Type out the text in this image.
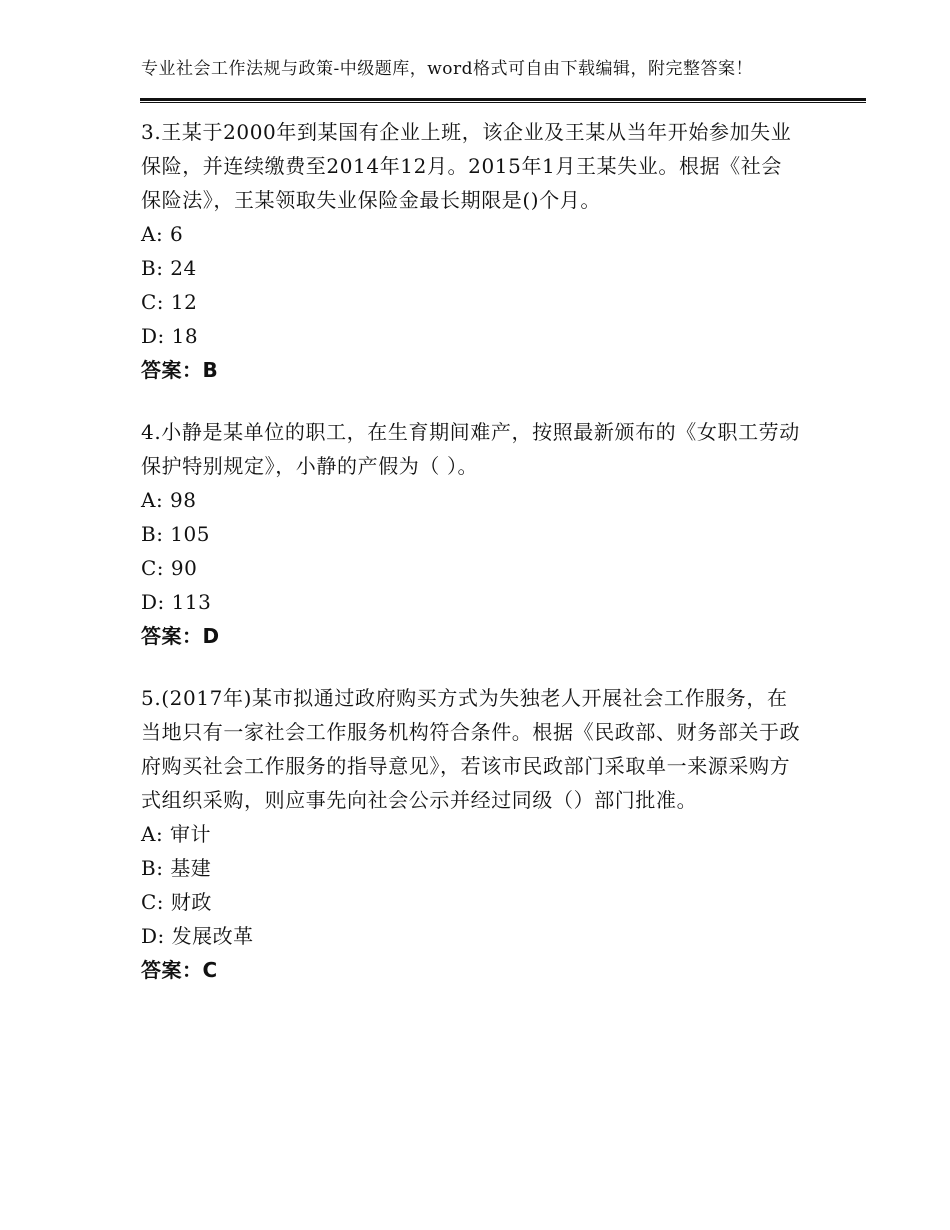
专业社会工作法规与政策-中级题库，word格式可自由下载编辑，附完整答案！

3.王某于2000年到某国有企业上班，该企业及王某从当年开始参加失业保险，并连续缴费至2014年12月。2015年1月王某失业。根据《社会保险法》，王某领取失业保险金最长期限是()个月。

A: 6

B: 24

C: 12

D: 18

答案：B

4.小静是某单位的职工，在生育期间难产，按照最新颁布的《女职工劳动保护特别规定》，小静的产假为（ ）。

A: 98

B: 105

C: 90

D: 113

答案：D

5.(2017年)某市拟通过政府购买方式为失独老人开展社会工作服务，在当地只有一家社会工作服务机构符合条件。根据《民政部、财务部关于政府购买社会工作服务的指导意见》，若该市民政部门采取单一来源采购方式组织采购，则应事先向社会公示并经过同级（）部门批准。

A: 审计

B: 基建

C: 财政

D: 发展改革

答案：C
